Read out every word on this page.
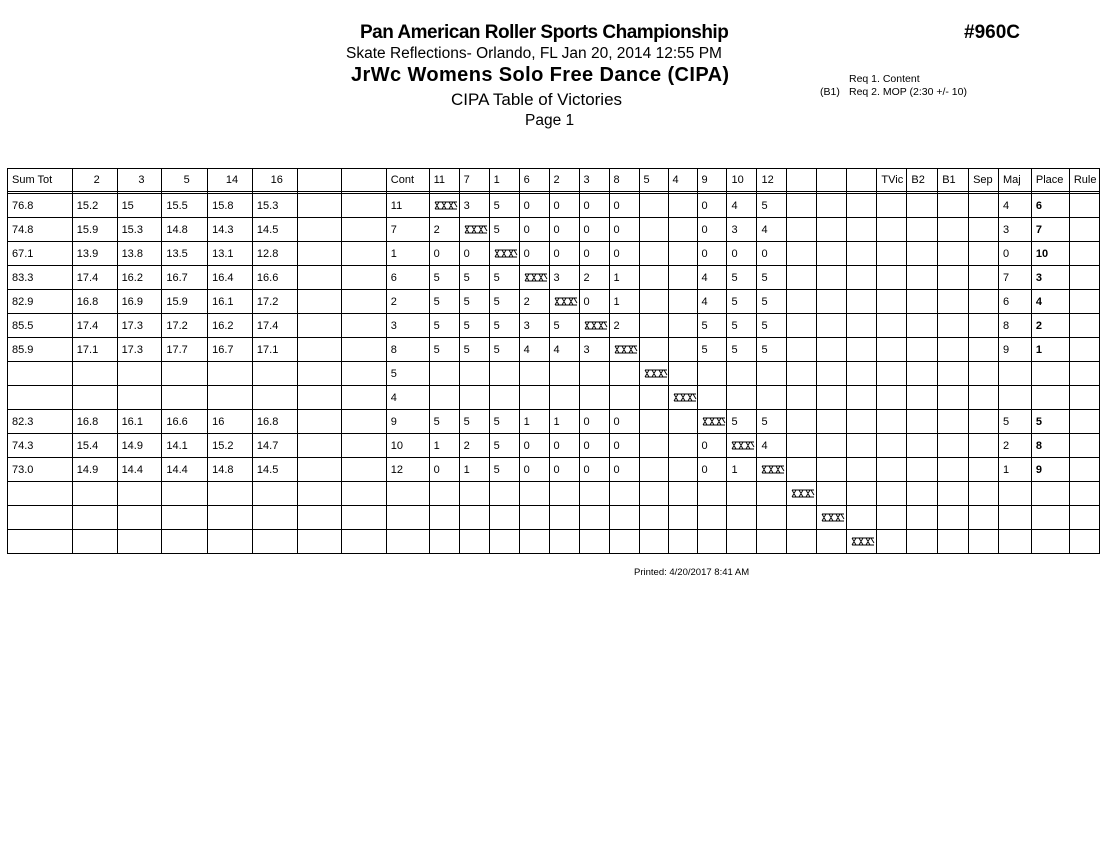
Pan American Roller Sports Championship
Skate Reflections- Orlando, FL Jan 20, 2014 12:55 PM
JrWc Womens Solo Free Dance (CIPA)
CIPA Table of Victories
Page 1
#960C
Req 1. Content
(B1) Req 2. MOP (2:30 +/- 10)
Sum Tot	2	3	5	14	16			Cont	11	7	1	6	2	3	8	5	4	9	10	12				TVic	B2	B1	Sep	Maj	Place	Rule

76.8	15.2	15	15.5	15.8	15.3			11		3	5	0	0	0	0			0	4	5								4	6	
74.8	15.9	15.3	14.8	14.3	14.5			7	2		5	0	0	0	0			0	3	4								3	7	
67.1	13.9	13.8	13.5	13.1	12.8			1	0	0		0	0	0	0			0	0	0								0	10	
83.3	17.4	16.2	16.7	16.4	16.6			6	5	5	5		3	2	1			4	5	5								7	3	
82.9	16.8	16.9	15.9	16.1	17.2			2	5	5	5	2		0	1			4	5	5								6	4	
85.5	17.4	17.3	17.2	16.2	17.4			3	5	5	5	3	5		2			5	5	5								8	2	
85.9	17.1	17.3	17.7	16.7	17.1			8	5	5	5	4	4	3				5	5	5								9	1	
								5																						
								4																						
82.3	16.8	16.1	16.6	16	16.8			9	5	5	5	1	1	0	0				5	5								5	5	
74.3	15.4	14.9	14.1	15.2	14.7			10	1	2	5	0	0	0	0			0		4								2	8	
73.0	14.9	14.4	14.4	14.8	14.5			12	0	1	5	0	0	0	0			0	1									1	9	

Printed: 4/20/2017 8:41 AM
